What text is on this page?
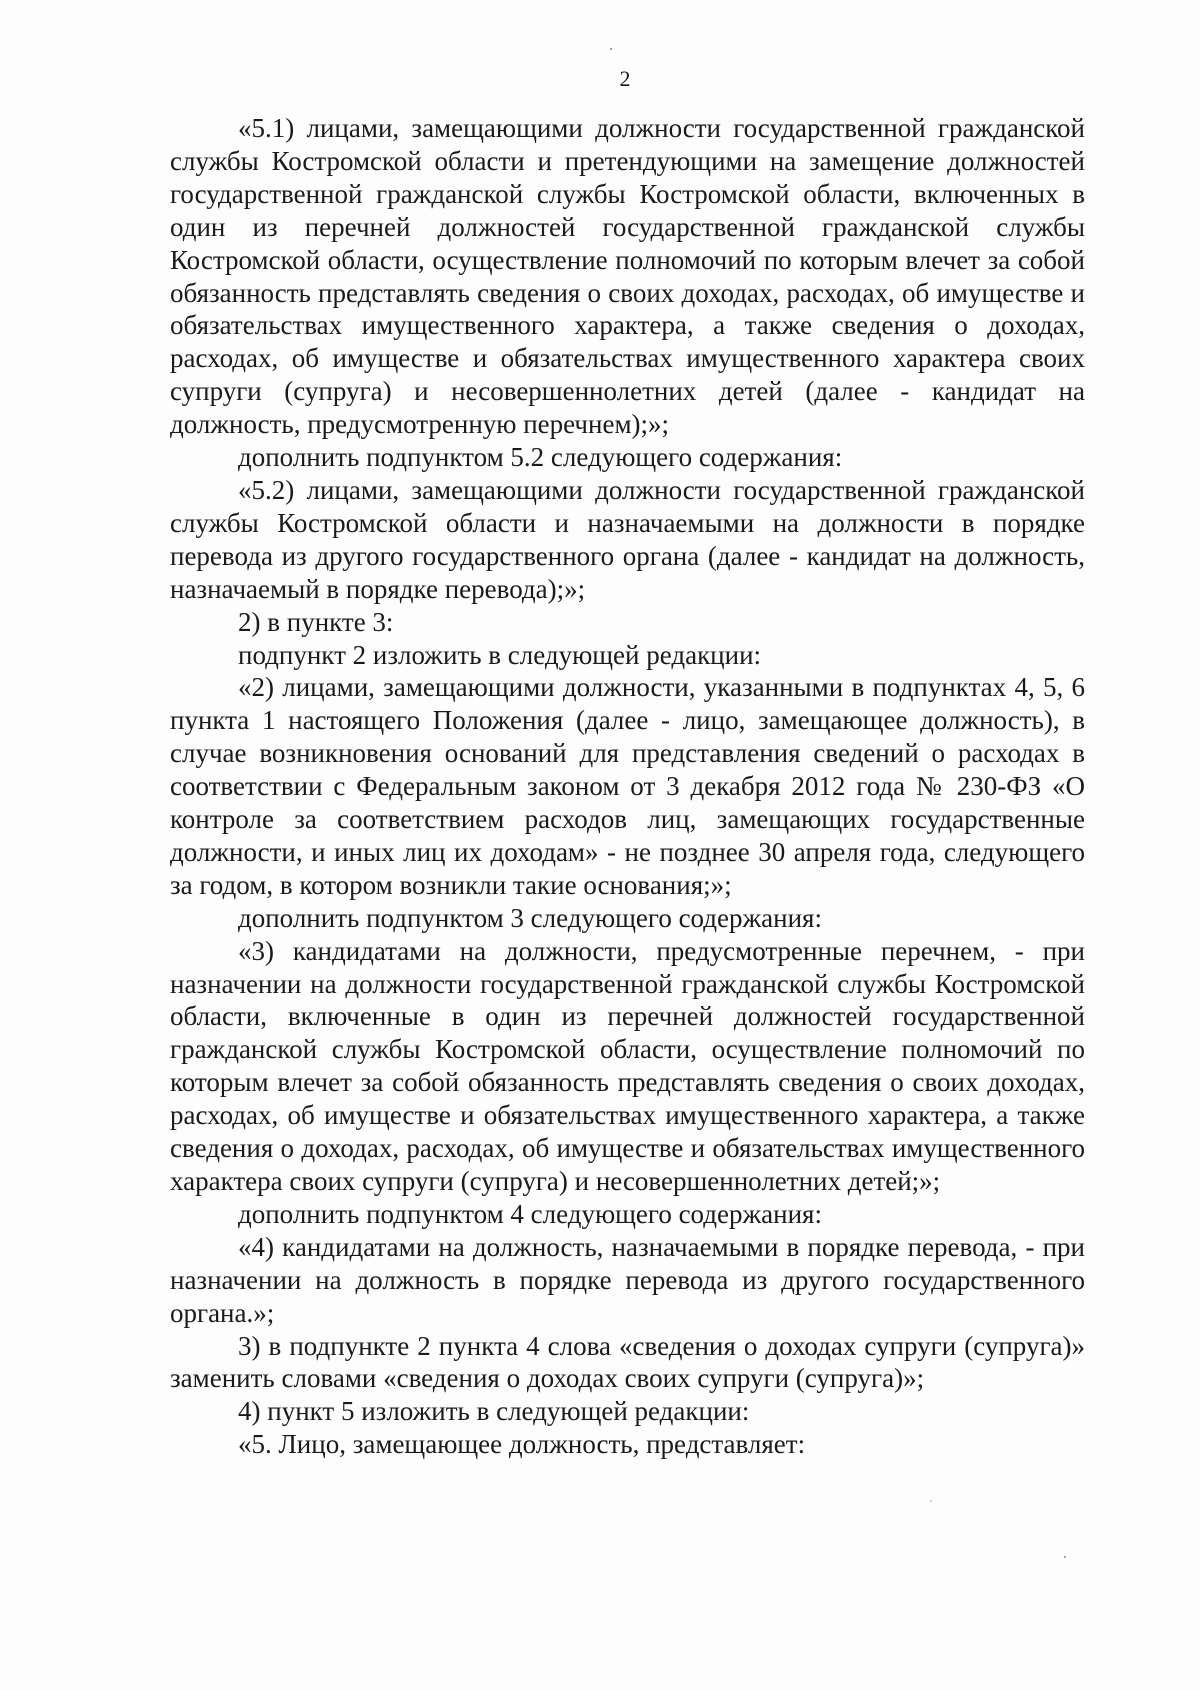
2

«5.1) лицами, замещающими должности государственной гражданской службы Костромской области и претендующими на замещение должностей государственной гражданской службы Костромской области, включенных в один из перечней должностей государственной гражданской службы Костромской области, осуществление полномочий по которым влечет за собой обязанность представлять сведения о своих доходах, расходах, об имуществе и обязательствах имущественного характера, а также сведения о доходах, расходах, об имуществе и обязательствах имущественного характера своих супруги (супруга) и несовершеннолетних детей (далее - кандидат на должность, предусмотренную перечнем);»;

дополнить подпунктом 5.2 следующего содержания:

«5.2) лицами, замещающими должности государственной гражданской службы Костромской области и назначаемыми на должности в порядке перевода из другого государственного органа (далее - кандидат на должность, назначаемый в порядке перевода);»;

2) в пункте 3:

подпункт 2 изложить в следующей редакции:

«2) лицами, замещающими должности, указанными в подпунктах 4, 5, 6 пункта 1 настоящего Положения (далее - лицо, замещающее должность), в случае возникновения оснований для представления сведений о расходах в соответствии с Федеральным законом от 3 декабря 2012 года № 230-ФЗ «О контроле за соответствием расходов лиц, замещающих государственные должности, и иных лиц их доходам» - не позднее 30 апреля года, следующего за годом, в котором возникли такие основания;»;

дополнить подпунктом 3 следующего содержания:

«3) кандидатами на должности, предусмотренные перечнем, - при назначении на должности государственной гражданской службы Костромской области, включенные в один из перечней должностей государственной гражданской службы Костромской области, осуществление полномочий по которым влечет за собой обязанность представлять сведения о своих доходах, расходах, об имуществе и обязательствах имущественного характера, а также сведения о доходах, расходах, об имуществе и обязательствах имущественного характера своих супруги (супруга) и несовершеннолетних детей;»;

дополнить подпунктом 4 следующего содержания:

«4) кандидатами на должность, назначаемыми в порядке перевода, - при назначении на должность в порядке перевода из другого государственного органа.»;

3) в подпункте 2 пункта 4 слова «сведения о доходах супруги (супруга)» заменить словами «сведения о доходах своих супруги (супруга)»;

4) пункт 5 изложить в следующей редакции:

«5. Лицо, замещающее должность, представляет:
